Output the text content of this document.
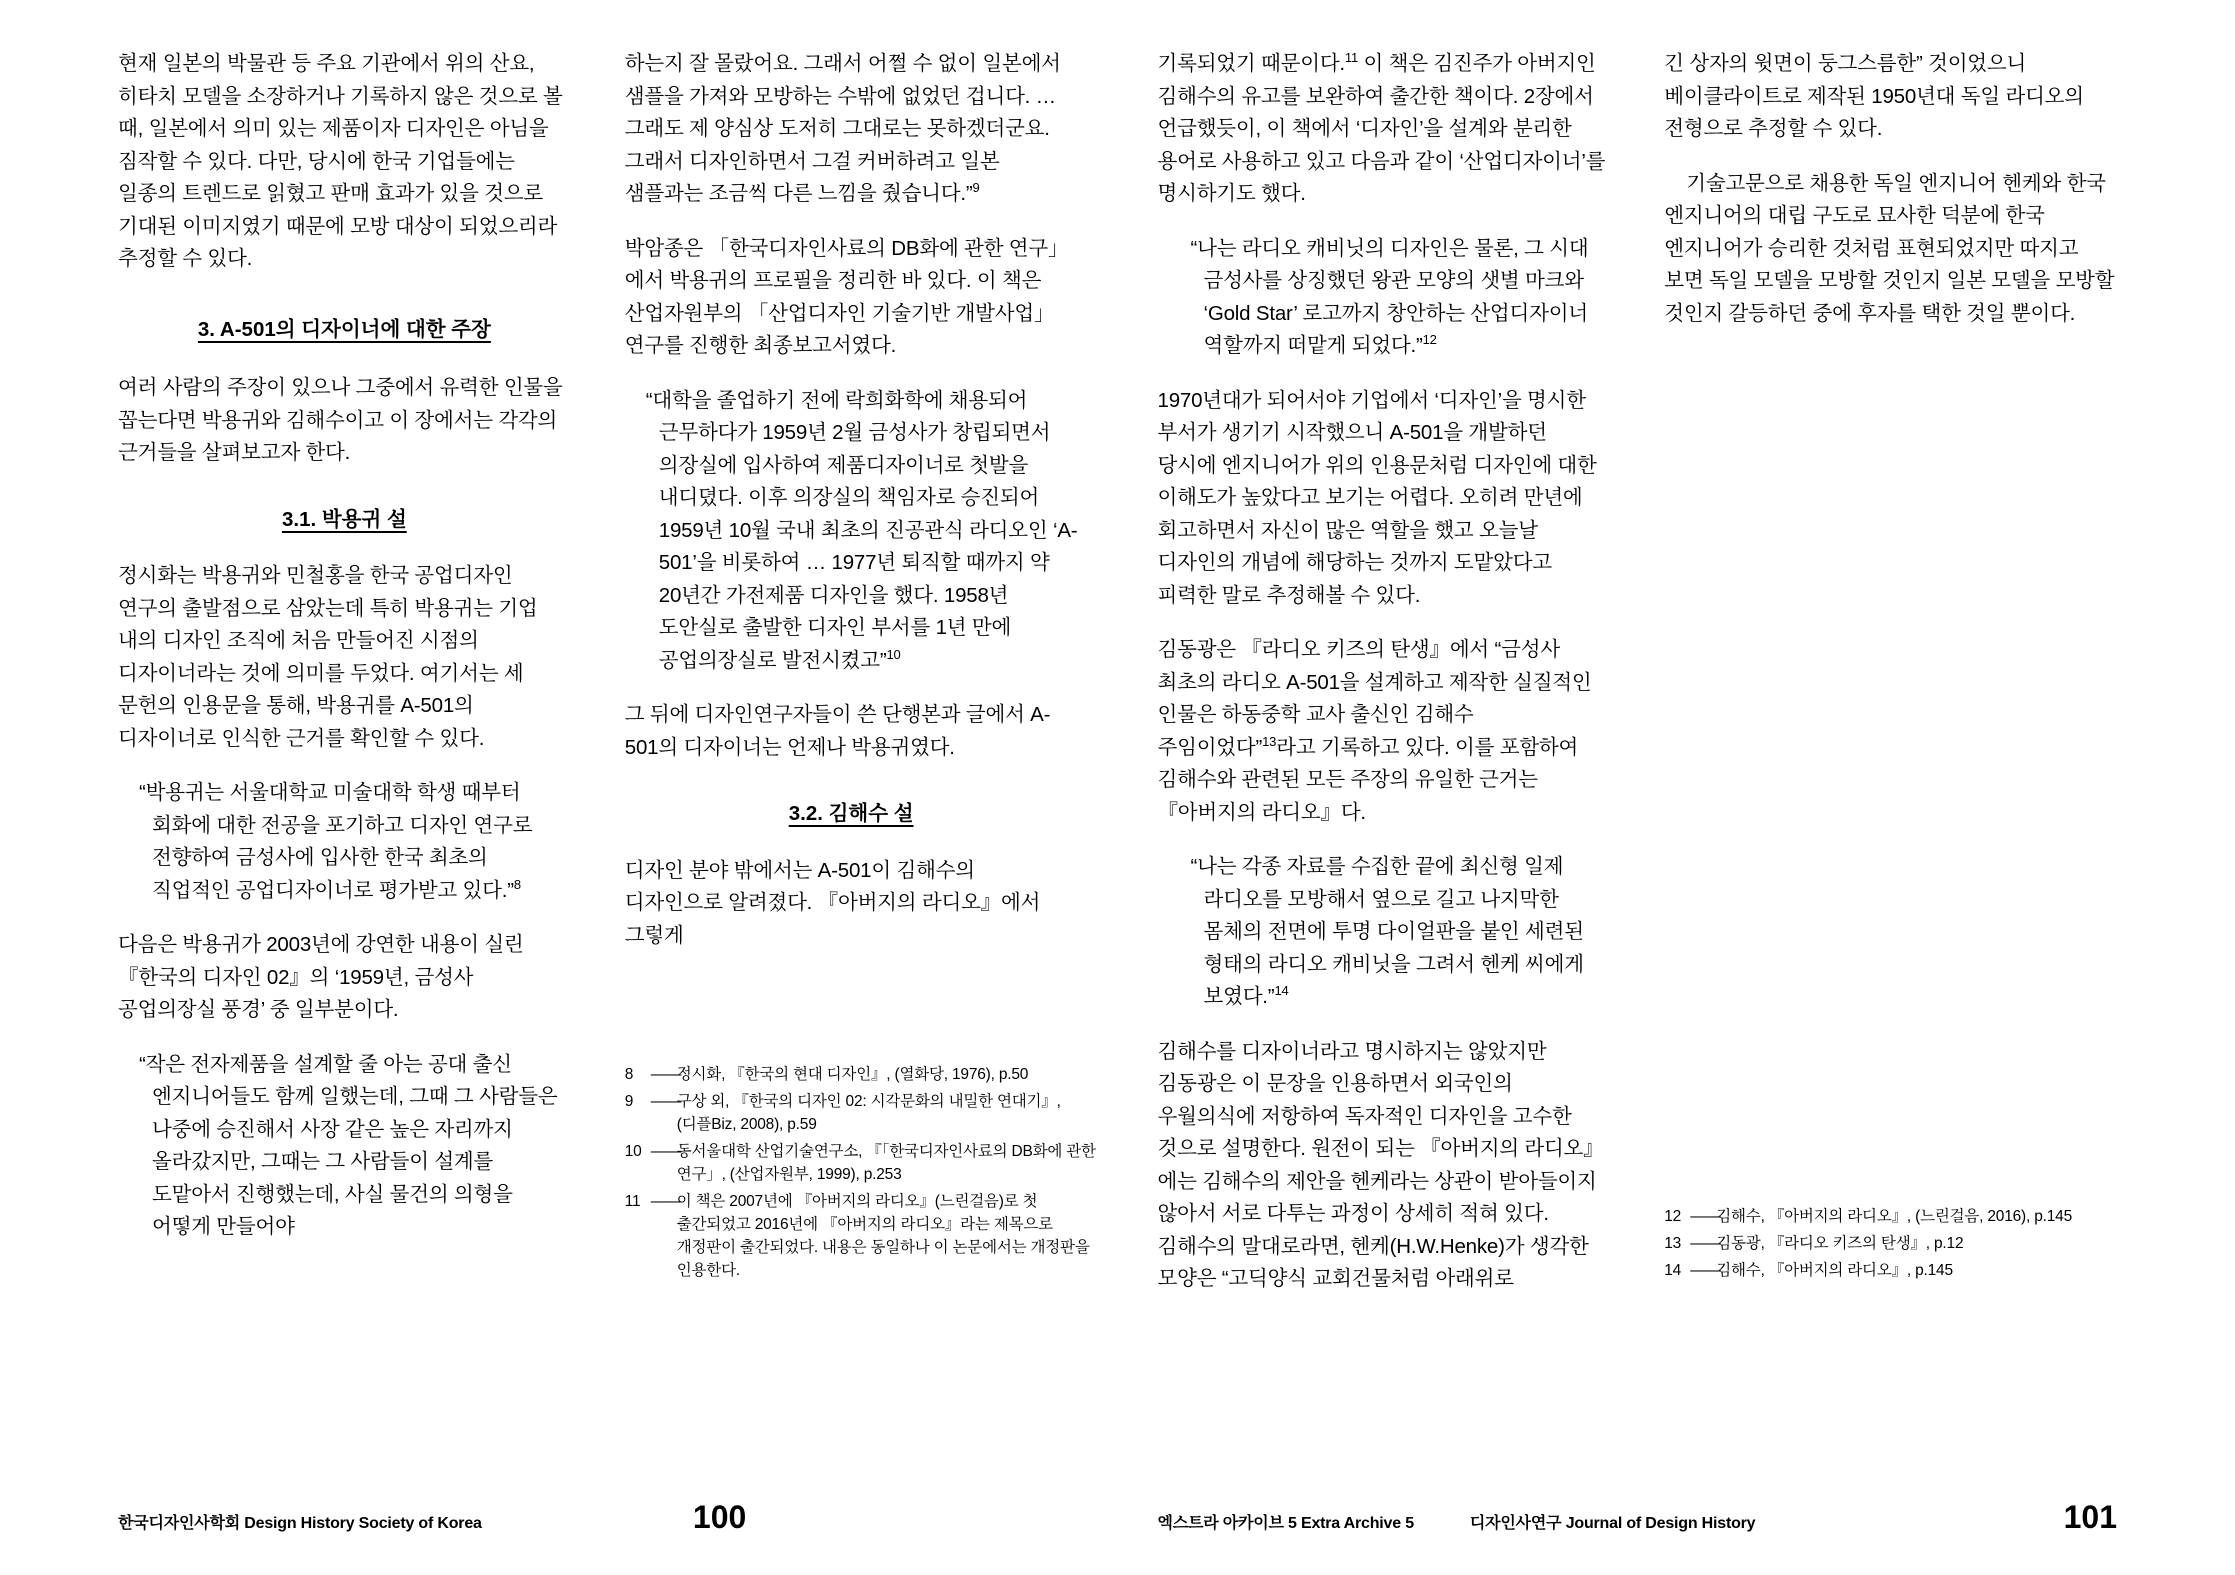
현재 일본의 박물관 등 주요 기관에서 위의 산요, 히타치 모델을 소장하거나 기록하지 않은 것으로 볼 때, 일본에서 의미 있는 제품이자 디자인은 아님을 짐작할 수 있다. 다만, 당시에 한국 기업들에는 일종의 트렌드로 읽혔고 판매 효과가 있을 것으로 기대된 이미지였기 때문에 모방 대상이 되었으리라 추정할 수 있다.

3. A-501의 디자이너에 대한 주장

여러 사람의 주장이 있으나 그중에서 유력한 인물을 꼽는다면 박용귀와 김해수이고 이 장에서는 각각의 근거들을 살펴보고자 한다.

3.1. 박용귀 설

정시화는 박용귀와 민철홍을 한국 공업디자인 연구의 출발점으로 삼았는데 특히 박용귀는 기업 내의 디자인 조직에 처음 만들어진 시점의 디자이너라는 것에 의미를 두었다. 여기서는 세 문헌의 인용문을 통해, 박용귀를 A-501의 디자이너로 인식한 근거를 확인할 수 있다.

“박용귀는 서울대학교 미술대학 학생 때부터 회화에 대한 전공을 포기하고 디자인 연구로 전향하여 금성사에 입사한 한국 최초의 직업적인 공업디자이너로 평가받고 있다.”$^8$

다음은 박용귀가 2003년에 강연한 내용이 실린 『한국의 디자인 02』의 ‘1959년, 금성사 공업의장실 풍경’ 중 일부분이다.

“작은 전자제품을 설계할 줄 아는 공대 출신 엔지니어들도 함께 일했는데, 그때 그 사람들은 나중에 승진해서 사장 같은 높은 자리까지 올라갔지만, 그때는 그 사람들이 설계를 도맡아서 진행했는데, 사실 물건의 의형을 어떻게 만들어야

하는지 잘 몰랐어요. 그래서 어쩔 수 없이 일본에서 샘플을 가져와 모방하는 수밖에 없었던 겁니다. … 그래도 제 양심상 도저히 그대로는 못하겠더군요. 그래서 디자인하면서 그걸 커버하려고 일본 샘플과는 조금씩 다른 느낌을 줬습니다.”$^9$

박암종은 「한국디자인사료의 DB화에 관한 연구」에서 박용귀의 프로필을 정리한 바 있다. 이 책은 산업자원부의 「산업디자인 기술기반 개발사업」 연구를 진행한 최종보고서였다.

“대학을 졸업하기 전에 락희화학에 채용되어 근무하다가 1959년 2월 금성사가 창립되면서 의장실에 입사하여 제품디자이너로 첫발을 내디뎠다. 이후 의장실의 책임자로 승진되어 1959년 10월 국내 최초의 진공관식 라디오인 ‘A-501’을 비롯하여 … 1977년 퇴직할 때까지 약 20년간 가전제품 디자인을 했다. 1958년 도안실로 출발한 디자인 부서를 1년 만에 공업의장실로 발전시켰고”$^{10}$

그 뒤에 디자인연구자들이 쓴 단행본과 글에서 A-501의 디자이너는 언제나 박용귀였다.

3.2. 김해수 설

디자인 분야 밖에서는 A-501이 김해수의 디자인으로 알려졌다. 『아버지의 라디오』에서 그렇게

8	——
정시화, 『한국의 현대 디자인』, (열화당, 1976), p.50
9	——
구상 외, 『한국의 디자인 02: 시각문화의 내밀한 연대기』, (디플Biz, 2008), p.59
10 ——
동서울대학 산업기술연구소, 『「한국디자인사료의 DB화에 관한 연구」, (산업자원부, 1999), p.253
11 ——
이 책은 2007년에 『아버지의 라디오』(느린걸음)로 첫 출간되었고 2016년에 『아버지의 라디오』라는 제목으로 개정판이 출간되었다. 내용은 동일하나 이 논문에서는 개정판을 인용한다.
한국디자인사학회 Design History Society of Korea	100

기록되었기 때문이다.$^{11}$ 이 책은 김진주가 아버지인 김해수의 유고를 보완하여 출간한 책이다. 2장에서 언급했듯이, 이 책에서 ‘디자인’을 설계와 분리한 용어로 사용하고 있고 다음과 같이 ‘산업디자이너’를 명시하기도 했다.

“나는 라디오 캐비닛의 디자인은 물론, 그 시대 금성사를 상징했던 왕관 모양의 샛별 마크와 ‘Gold Star’ 로고까지 창안하는 산업디자이너 역할까지 떠맡게 되었다.”$^{12}$

1970년대가 되어서야 기업에서 ‘디자인’을 명시한 부서가 생기기 시작했으니 A-501을 개발하던 당시에 엔지니어가 위의 인용문처럼 디자인에 대한 이해도가 높았다고 보기는 어렵다. 오히려 만년에 회고하면서 자신이 많은 역할을 했고 오늘날 디자인의 개념에 해당하는 것까지 도맡았다고 피력한 말로 추정해볼 수 있다.

김동광은 『라디오 키즈의 탄생』에서 “금성사 최초의 라디오 A-501을 설계하고 제작한 실질적인 인물은 하동중학 교사 출신인 김해수 주임이었다”$^{13}$라고 기록하고 있다. 이를 포함하여 김해수와 관련된 모든 주장의 유일한 근거는 『아버지의 라디오』다.

“나는 각종 자료를 수집한 끝에 최신형 일제 라디오를 모방해서 옆으로 길고 나지막한 몸체의 전면에 투명 다이얼판을 붙인 세련된 형태의 라디오 캐비닛을 그려서 헨케 씨에게 보였다.”$^{14}$

김해수를 디자이너라고 명시하지는 않았지만 김동광은 이 문장을 인용하면서 외국인의 우월의식에 저항하여 독자적인 디자인을 고수한 것으로 설명한다. 원전이 되는 『아버지의 라디오』에는 김해수의 제안을 헨케라는 상관이 받아들이지 않아서 서로 다투는 과정이 상세히 적혀 있다. 김해수의 말대로라면, 헨케(H.W.Henke)가 생각한 모양은 “고딕양식 교회건물처럼 아래위로

긴 상자의 윗면이 둥그스름한” 것이었으니 베이클라이트로 제작된 1950년대 독일 라디오의 전형으로 추정할 수 있다.

기술고문으로 채용한 독일 엔지니어 헨케와 한국 엔지니어의 대립 구도로 묘사한 덕분에 한국 엔지니어가 승리한 것처럼 표현되었지만 따지고 보면 독일 모델을 모방할 것인지 일본 모델을 모방할 것인지 갈등하던 중에 후자를 택한 것일 뿐이다.

12 ——
김해수, 『아버지의 라디오』, (느린걸음, 2016), p.145
13 ——
김동광, 『라디오 키즈의 탄생』, p.12
14 ——
김해수, 『아버지의 라디오』, p.145
엑스트라 아카이브 5 Extra Archive 5	디자인사연구 Journal of Design History	101
